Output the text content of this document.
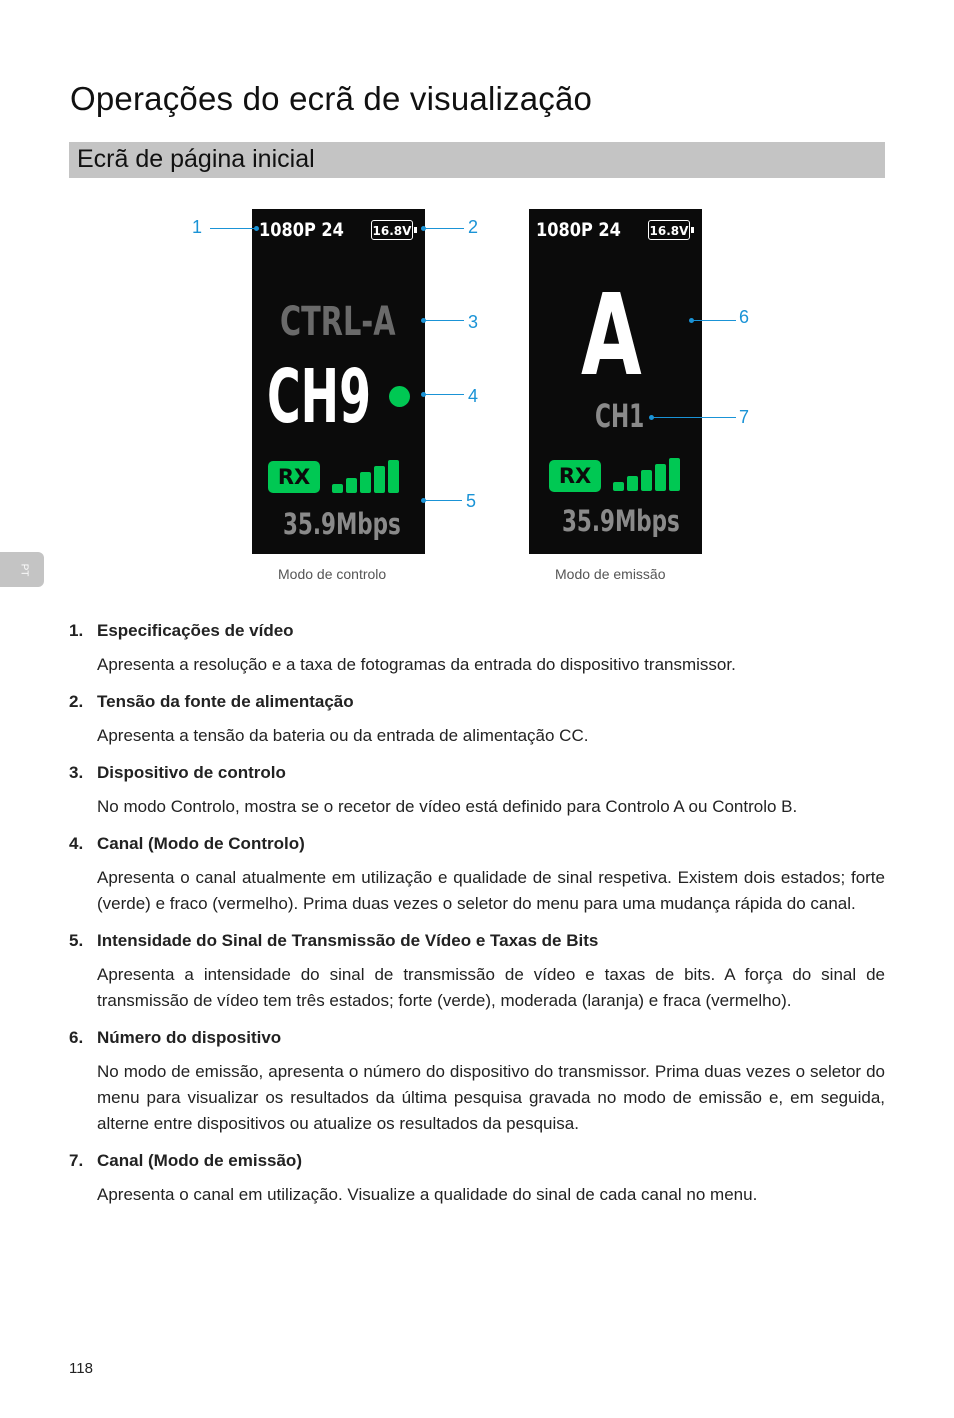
Operações do ecrã de visualização
Ecrã de página inicial
PT
1080P 24 16.8V
CTRL-A
CH9
RX
35.9Mbps
1080P 24 16.8V
A
CH1
RX
35.9Mbps
1	2
3
4
5
6
7
Modo de controlo	Modo de emissão
1. Especificações de vídeo
Apresenta a resolução e a taxa de fotogramas da entrada do dispositivo transmissor.
2. Tensão da fonte de alimentação
Apresenta a tensão da bateria ou da entrada de alimentação CC.
3. Dispositivo de controlo
No modo Controlo, mostra se o recetor de vídeo está definido para Controlo A ou Controlo B.
4. Canal (Modo de Controlo)
Apresenta o canal atualmente em utilização e qualidade de sinal respetiva. Existem dois estados; forte (verde) e fraco (vermelho). Prima duas vezes o seletor do menu para uma mudança rápida do canal.
5. Intensidade do Sinal de Transmissão de Vídeo e Taxas de Bits
Apresenta a intensidade do sinal de transmissão de vídeo e taxas de bits. A força do sinal de transmissão de vídeo tem três estados; forte (verde), moderada (laranja) e fraca (vermelho).
6. Número do dispositivo
No modo de emissão, apresenta o número do dispositivo do transmissor. Prima duas vezes o seletor do menu para visualizar os resultados da última pesquisa gravada no modo de emissão e, em seguida, alterne entre dispositivos ou atualize os resultados da pesquisa.
7. Canal (Modo de emissão)
Apresenta o canal em utilização. Visualize a qualidade do sinal de cada canal no menu.
118
